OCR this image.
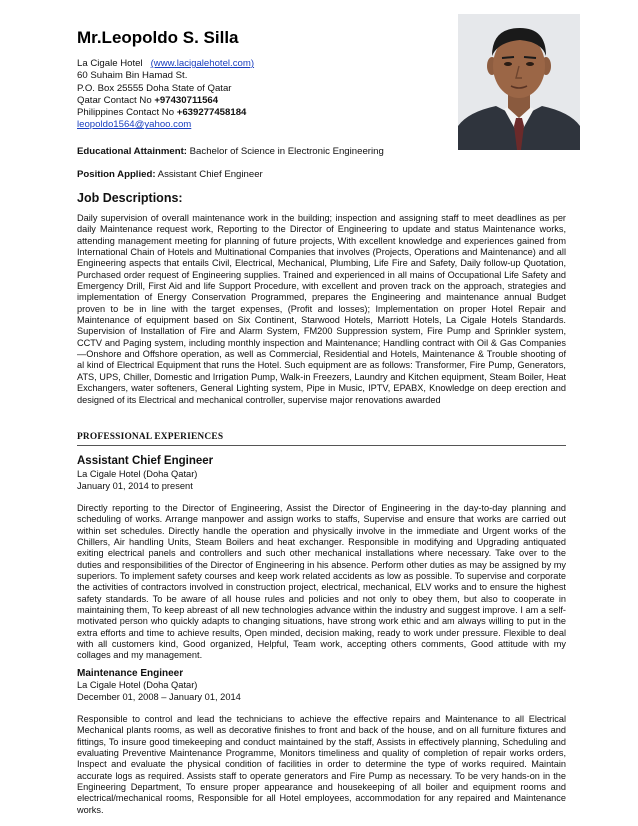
Mr.Leopoldo S. Silla
La Cigale Hotel (www.lacigalehotel.com)
60 Suhaim Bin Hamad St.
P.O. Box 25555 Doha State of Qatar
Qatar Contact No +97430711564
Philippines Contact No +639277458184
leopoldo1564@yahoo.com
Educational Attainment: Bachelor of Science in Electronic Engineering
Position Applied: Assistant Chief Engineer
Job Descriptions:

Daily supervision of overall maintenance work in the building; inspection and assigning staff to meet deadlines as per daily Maintenance request work, Reporting to the Director of Engineering to update and status Maintenance works, attending management meeting for planning of future projects, With excellent knowledge and experiences gained from International Chain of Hotels and Multinational Companies that involves (Projects, Operations and Maintenance) and all Engineering aspects that entails Civil, Electrical, Mechanical, Plumbing, Life Fire and Safety, Daily follow-up Quotation, Purchased order request of Engineering supplies. Trained and experienced in all mains of Occupational Life Safety and Emergency Drill, First Aid and life Support Procedure, with excellent and proven track on the approach, strategies and implementation of Energy Conservation Programmed, prepares the Engineering and maintenance annual Budget proven to be in line with the target expenses, (Profit and losses); Implementation on proper Hotel Repair and Maintenance of equipment based on Six Continent, Starwood Hotels, Marriott Hotels, La Cigale Hotels Standards. Supervision of Installation of Fire and Alarm System, FM200 Suppression system, Fire Pump and Sprinkler system, CCTV and Paging system, including monthly inspection and Maintenance; Handling contract with Oil & Gas Companies—Onshore and Offshore operation, as well as Commercial, Residential and Hotels, Maintenance & Trouble shooting of al kind of Electrical Equipment that runs the Hotel. Such equipment are as follows: Transformer, Fire Pump, Generators, ATS, UPS, Chiller, Domestic and Irrigation Pump, Walk-in Freezers, Laundry and Kitchen equipment, Steam Boiler, Heat Exchangers, water softeners, General Lighting system, Pipe in Music, IPTV, EPABX, Knowledge on deep erection and designed of its Electrical and mechanical controller, supervise major renovations awarded

PROFESSIONAL EXPERIENCES
Assistant Chief Engineer
La Cigale Hotel (Doha Qatar)
January 01, 2014 to present

Directly reporting to the Director of Engineering, Assist the Director of Engineering in the day-to-day planning and scheduling of works. Arrange manpower and assign works to staffs, Supervise and ensure that works are carried out within set schedules. Directly handle the operation and physically involve in the immediate and Urgent works of the Chillers, Air handling Units, Steam Boilers and heat exchanger. Responsible in modifying and Upgrading antiquated exiting electrical panels and controllers and such other mechanical installations where necessary. Take over to the duties and responsibilities of the Director of Engineering in his absence. Perform other duties as may be assigned by my superiors. To implement safety courses and keep work related accidents as low as possible. To supervise and corporate the activities of contractors involved in construction project, electrical, mechanical, ELV works and to ensure the highest safety standards. To be aware of all house rules and policies and not only to obey them, but also to cooperate in maintaining them, To keep abreast of all new technologies advance within the industry and suggest improve. I am a self-motivated person who quickly adapts to changing situations, have strong work ethic and am always willing to put in the extra efforts and time to achieve results, Open minded, decision making, ready to work under pressure. Flexible to deal with all customers kind, Good organized, Helpful, Team work, accepting others comments, Good attitude with my collages and my management.

Maintenance Engineer
La Cigale Hotel (Doha Qatar)
December 01, 2008 – January 01, 2014

Responsible to control and lead the technicians to achieve the effective repairs and Maintenance to all Electrical Mechanical plants rooms, as well as decorative finishes to front and back of the house, and on all furniture fixtures and fittings, To insure good timekeeping and conduct maintained by the staff, Assists in effectively planning, Scheduling and evaluating Preventive Maintenance Programme, Monitors timeliness and quality of completion of repair works orders, Inspect and evaluate the physical condition of facilities in order to determine the type of works required. Maintain accurate logs as required. Assists staff to operate generators and Fire Pump as necessary. To be very hands-on in the Engineering Department, To ensure proper appearance and housekeeping of all boiler and equipment rooms and electrical/mechanical rooms, Responsible for all Hotel employees, accommodation for any repaired and Maintenance works.
